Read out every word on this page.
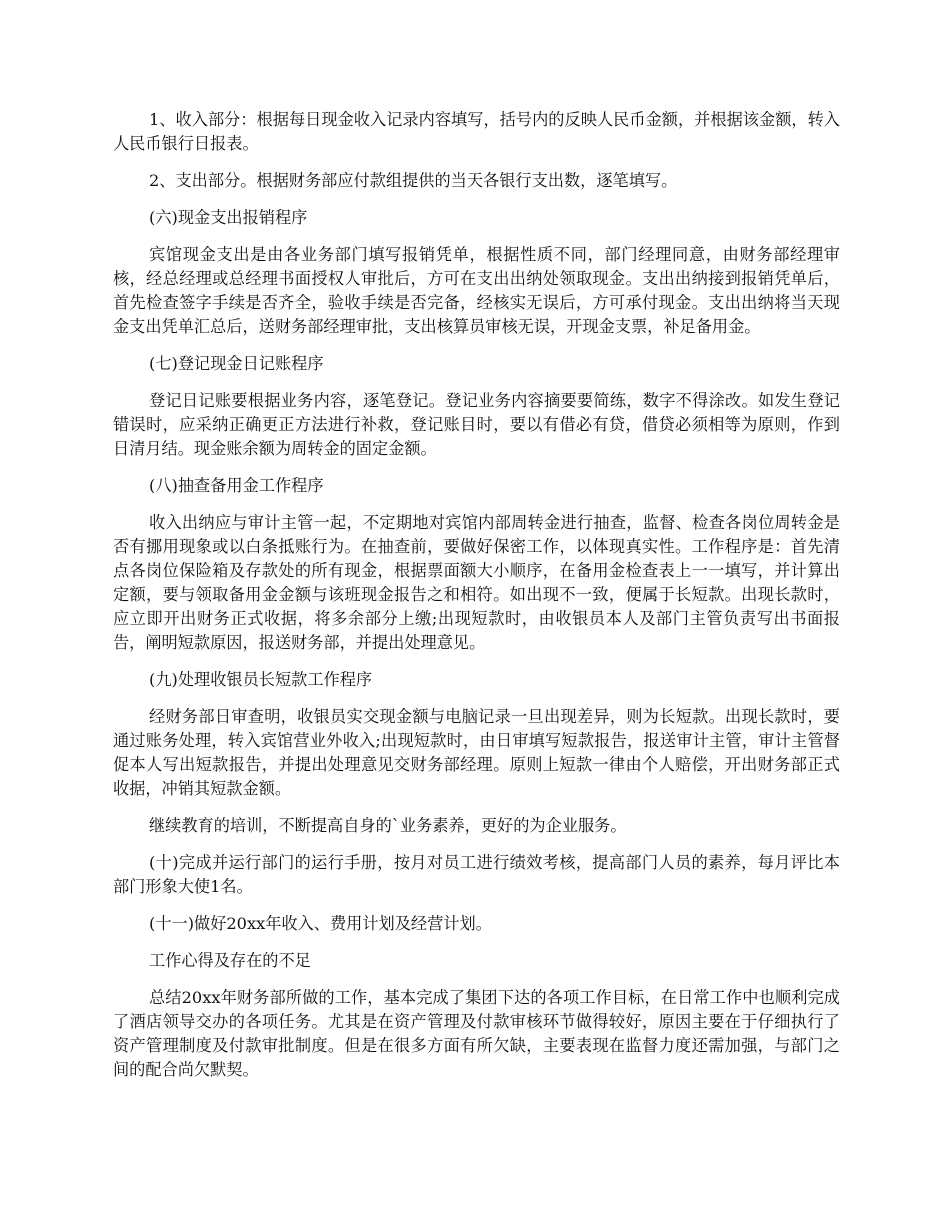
1、收入部分：根据每日现金收入记录内容填写，括号内的反映人民币金额，并根据该金额，转入人民币银行日报表。

2、支出部分。根据财务部应付款组提供的当天各银行支出数，逐笔填写。

(六)现金支出报销程序

宾馆现金支出是由各业务部门填写报销凭单，根据性质不同，部门经理同意，由财务部经理审核，经总经理或总经理书面授权人审批后，方可在支出出纳处领取现金。支出出纳接到报销凭单后，首先检查签字手续是否齐全，验收手续是否完备，经核实无误后，方可承付现金。支出出纳将当天现金支出凭单汇总后，送财务部经理审批，支出核算员审核无误，开现金支票，补足备用金。

(七)登记现金日记账程序

登记日记账要根据业务内容，逐笔登记。登记业务内容摘要要简练，数字不得涂改。如发生登记错误时，应采纳正确更正方法进行补救，登记账目时，要以有借必有贷，借贷必须相等为原则，作到日清月结。现金账余额为周转金的固定金额。

(八)抽查备用金工作程序

收入出纳应与审计主管一起，不定期地对宾馆内部周转金进行抽查，监督、检查各岗位周转金是否有挪用现象或以白条抵账行为。在抽查前，要做好保密工作，以体现真实性。工作程序是：首先清点各岗位保险箱及存款处的所有现金，根据票面额大小顺序，在备用金检查表上一一填写，并计算出定额，要与领取备用金金额与该班现金报告之和相符。如出现不一致，便属于长短款。出现长款时，应立即开出财务正式收据，将多余部分上缴;出现短款时，由收银员本人及部门主管负责写出书面报告，阐明短款原因，报送财务部，并提出处理意见。

(九)处理收银员长短款工作程序

经财务部日审查明，收银员实交现金额与电脑记录一旦出现差异，则为长短款。出现长款时，要通过账务处理，转入宾馆营业外收入;出现短款时，由日审填写短款报告，报送审计主管，审计主管督促本人写出短款报告，并提出处理意见交财务部经理。原则上短款一律由个人赔偿，开出财务部正式收据，冲销其短款金额。

继续教育的培训，不断提高自身的`业务素养，更好的为企业服务。

(十)完成并运行部门的运行手册，按月对员工进行绩效考核，提高部门人员的素养，每月评比本部门形象大使1名。

(十一)做好20xx年收入、费用计划及经营计划。

工作心得及存在的不足

总结20xx年财务部所做的工作，基本完成了集团下达的各项工作目标，在日常工作中也顺利完成了酒店领导交办的各项任务。尤其是在资产管理及付款审核环节做得较好，原因主要在于仔细执行了资产管理制度及付款审批制度。但是在很多方面有所欠缺，主要表现在监督力度还需加强，与部门之间的配合尚欠默契。
